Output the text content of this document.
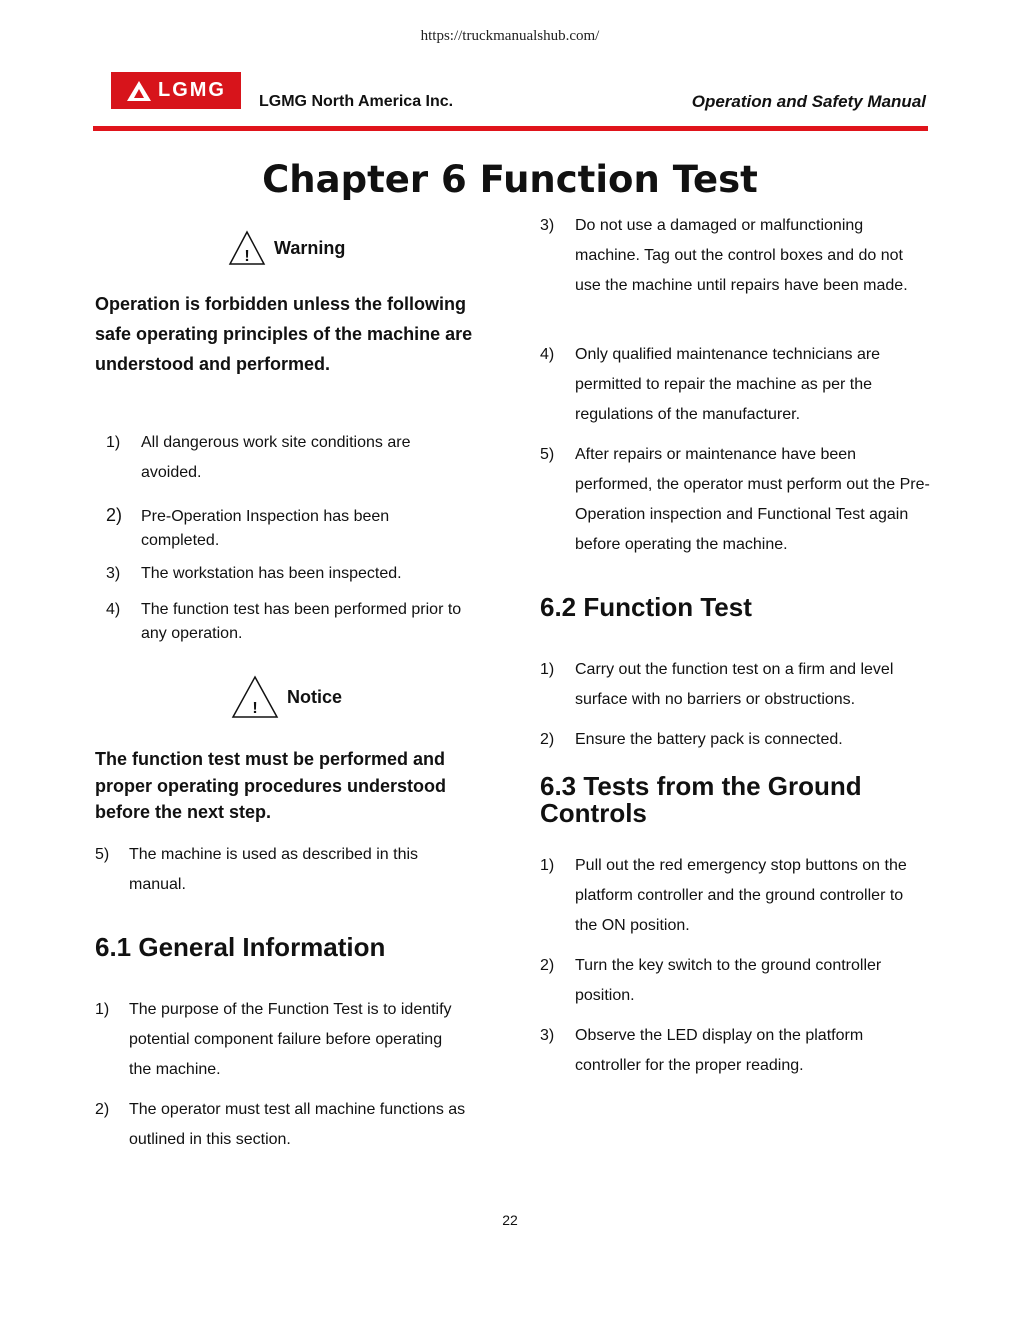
https://truckmanualshub.com/
LGMG
LGMG North America Inc.	Operation and Safety Manual
Chapter 6 Function Test
! Warning
Operation is forbidden unless the following safe operating principles of the machine are understood and performed.
1) All dangerous work site conditions are avoided.
2) Pre-Operation Inspection has been completed.
3) The workstation has been inspected.
4) The function test has been performed prior to any operation.
!
Notice
The function test must be performed and proper operating procedures understood before the next step.
5) The machine is used as described in this manual.
6.1 General Information
1) The purpose of the Function Test is to identify potential component failure before operating the machine.
2) The operator must test all machine functions as outlined in this section.
3) Do not use a damaged or malfunctioning machine. Tag out the control boxes and do not use the machine until repairs have been made.
4) Only qualified maintenance technicians are permitted to repair the machine as per the regulations of the manufacturer.
5) After repairs or maintenance have been performed, the operator must perform out the Pre-Operation inspection and Functional Test again before operating the machine.
6.2 Function Test
1) Carry out the function test on a firm and level surface with no barriers or obstructions.
2) Ensure the battery pack is connected.
6.3 Tests from the Ground Controls
1) Pull out the red emergency stop buttons on the platform controller and the ground controller to the ON position.
2) Turn the key switch to the ground controller position.
3) Observe the LED display on the platform controller for the proper reading.
22
